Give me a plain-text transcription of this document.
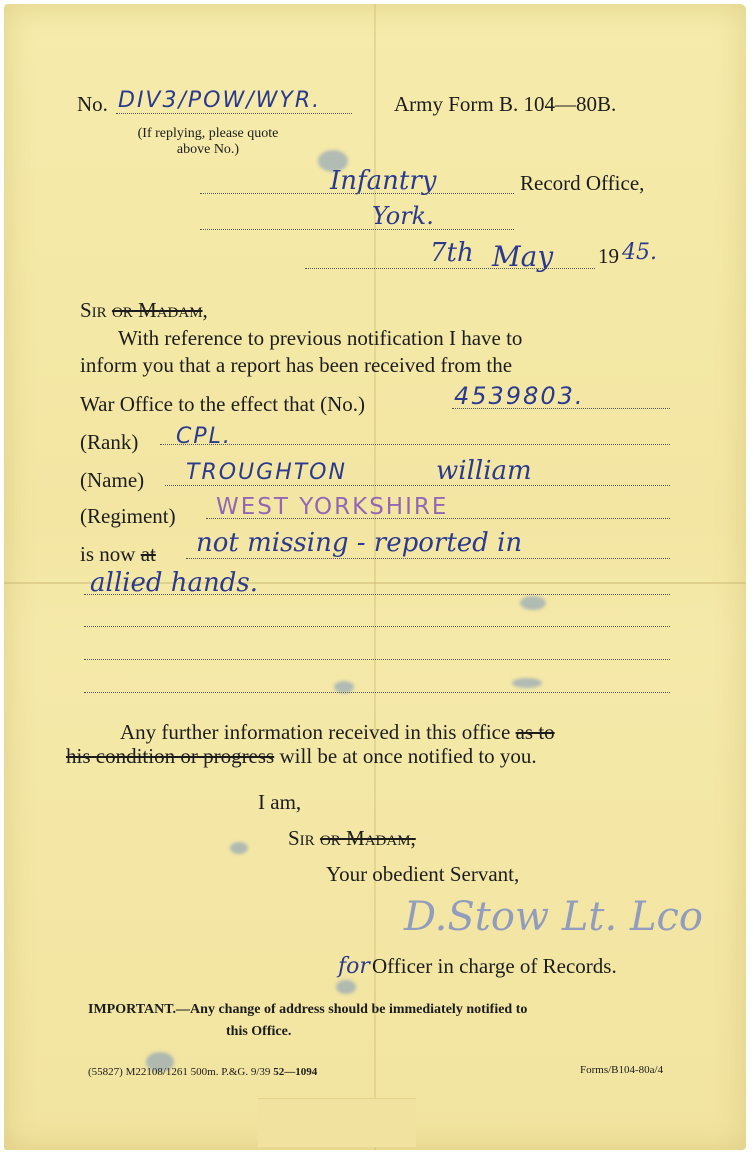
No. DIV3/POW/WYR.	Army Form B. 104—80B.
(If replying, please quote
above No.)
Infantry	Record Office,
York.
7th May 19 45.
Sir or Madam,
With reference to previous notification I have to
inform you that a report has been received from the
War Office to the effect that (No.)	4539803.
(Rank) CPL.
(Name) TROUGHTON	william
(Regiment) WEST YORKSHIRE
is now at not missing - reported in
allied hands.
Any further information received in this office as to
his condition or progress will be at once notified to you.
I am,
Sir or Madam,
Your obedient Servant,
D.Stow Lt. Lco
for Officer in charge of Records.
IMPORTANT.—Any change of address should be immediately notified to
this Office.
(55827) M22108/1261 500m. P.&G. 9/39 52—1094	Forms/B104-80a/4
